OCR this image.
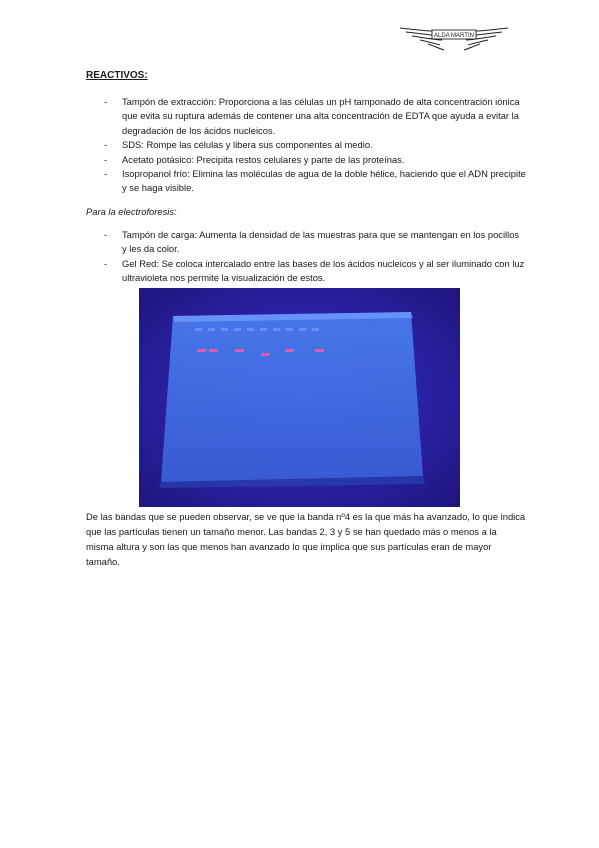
ALDA MARTIN

REACTIVOS:

- Tampón de extracción: Proporciona a las células un pH tamponado de alta concentración iónica que evita su ruptura además de contener una alta concentración de EDTA que ayuda a evitar la degradación de los ácidos nucleicos.
- SDS: Rompe las células y libera sus componentes al medio.
- Acetato potásico: Precipita restos celulares y parte de las proteínas.
- Isopropanol frío: Elimina las moléculas de agua de la doble hélice, haciendo que el ADN precipite y se haga visible.

Para la electroforesis:

- Tampón de carga: Aumenta la densidad de las muestras para que se mantengan en los pocillos y les da color.
- Gel Red: Se coloca intercalado entre las bases de los ácidos nucleicos y al ser iluminado con luz ultravioleta nos permite la visualización de estos.

De las bandas que se pueden observar, se ve que la banda nº4 es la que más ha avanzado, lo que indica que las partículas tienen un tamaño menor. Las bandas 2, 3 y 5 se han quedado más o menos a la misma altura y son las que menos han avanzado lo que implica que sus partículas eran de mayor tamaño.
